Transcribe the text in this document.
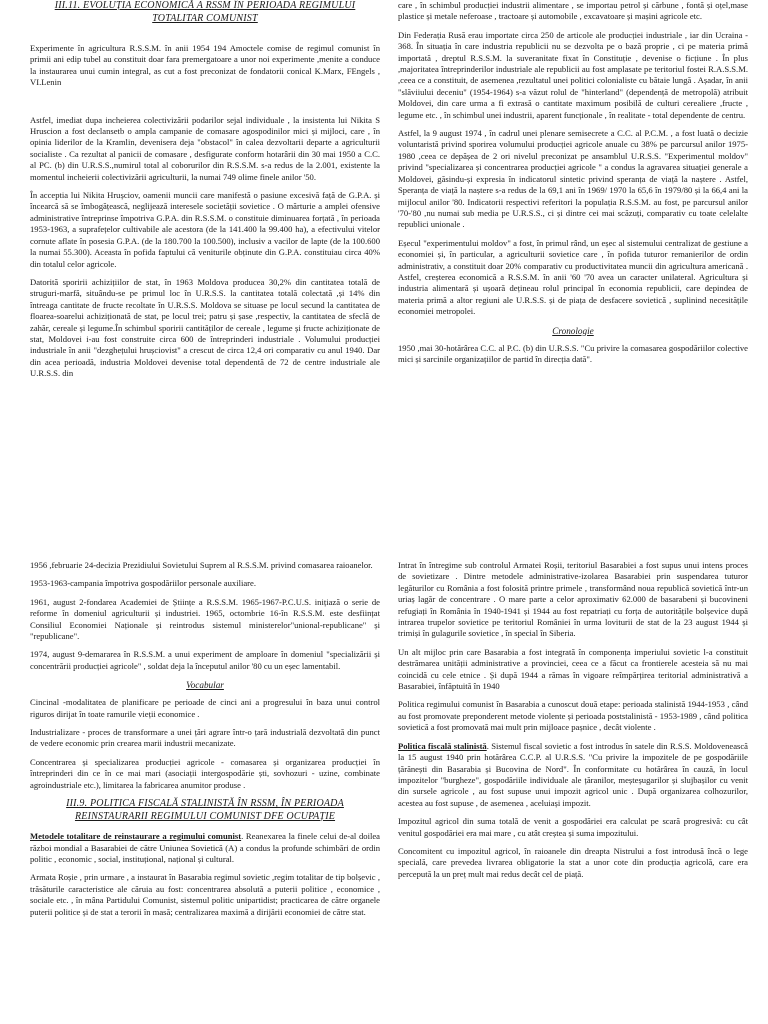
III.11. EVOLUȚIA ECONOMICĂ A RSSM ÎN PERIOADA REGIMULUI TOTALITAR COMUNIST

Experimente în agricultura R.S.S.M. în anii 1954 194 Amoctele comise de regimul comunist în primii ani edip tubel au constituit doar fara premergatoare a unor noi experimente ,menite a conduce la instaurarea unui cumin integral, as cut a fost preconizat de fondatorii conical K.Marx, FEngels , VI.Lenin

Astfel, imediat dupa incheierea colectivizării podarilor sejal individuale , la insistenta lui Nikita S Hruscion a fost declansetb o ampla campanie de comasare agospodinilor mici și mijloci, care , în opinia liderilor de la Kramlin, devenisera deja "obstacol" în calea dezvoltarii departe a agriculturii socialiste . Ca rezultat al panicii de comasare , desfigurate conform hotarârii din 30 mai 1950 a C.C. al PC. (b) din U.R.S.S.,numirul total al coborurilor din R.S.S.M. s-a redus de la 2.001, existente la momentul incheierii colectivizării agriculturii, la numai 749 olime finele anilor '50.

În acceptia lui Nikita Hrușciov, oamenii muncii care manifestă o pasiune excesivă față de G.P.A. și încearcă să se îmbogățească, neglijează interesele societății sovietice . O mărturie a amplei ofensive administrative întreprinse împotriva G.P.A. din R.S.S.M. o constituie diminuarea forțată , în perioada 1953-1963, a suprafețelor cultivabile ale acestora (de la 141.400 la 99.400 ha), a efectivului vitelor cornute aflate în posesia G.P.A. (de la 180.700 la 100.500), inclusiv a vacilor de lapte (de la 100.600 la numai 55.300). Aceasta în pofida faptului că veniturile obținute din G.P.A. constituiau circa 40% din totalul celor agricole.

Datorită sporirii achizițiilor de stat, în 1963 Moldova producea 30,2% din cantitatea totală de struguri-marfă, situându-se pe primul loc în U.R.S.S. la cantitatea totală colectată ,și 14% din întreaga cantitate de fructe recoltate în U.R.S.S. Moldova se situase pe locul secund la cantitatea de floarea-soarelui achiziționată de stat, pe locul trei; patru și șase ,respectiv, la cantitatea de sfeclă de zahăr, cereale și legume.În schimbul sporirii cantităților de cereale , legume și fructe achiziționate de stat, Moldovei i-au fost construite circa 600 de întreprinderi industriale . Volumului producției industriale în anii "dezghețului hrușciovist" a crescut de circa 12,4 ori comparativ cu anul 1940. Dar din acea perioadă, industria Moldovei devenise total dependentă de 72 de centre industriale ale U.R.S.S. din

care , în schimbul producției industrii alimentare , se importau petrol și cărbune , fontă și oțel,mase plastice și metale neferoase , tractoare și automobile , excavatoare și mașini agricole etc.

Din Federația Rusă erau importate circa 250 de articole ale producției industriale , iar din Ucraina - 368. În situația în care industria republicii nu se dezvolta pe o bază proprie , ci pe materia primă importată , dreptul R.S.S.M. la suveranitate fixat în Constituție , devenise o ficțiune . În plus ,majoritatea întreprinderilor industriale ale republicii au fost amplasate pe teritoriul fostei R.A.S.S.M. ,ceea ce a constituit, de asemenea ,rezultatul unei politici colonialiste cu bătaie lungă . Așadar, în anii "slăviiului deceniu" (1954-1964) s-a văzut rolul de "hinterland" (dependență de metropolă) atribuit Moldovei, din care urma a fi extrasă o cantitate maximum posibilă de culturi cerealiere ,fructe , legume etc. , în schimbul unei industrii, aparent funcționale , în realitate - total dependente de centru.

Astfel, la 9 august 1974 , în cadrul unei plenare semisecrete a C.C. al P.C.M. , a fost luată o decizie voluntaristă privind sporirea volumului producției agricole anuale cu 38% pe parcursul anilor 1975-1980 ,ceea ce depășea de 2 ori nivelul preconizat pe ansamblul U.R.S.S. "Experimentul moldov" privind "specializarea și concentrarea producției agricole " a condus la agravarea situației generale a Moldovei, găsindu-și expresia în indicatorul sintetic privind speranța de viață la naștere . Astfel, Speranța de viață la naștere s-a redus de la 69,1 ani în 1969/ 1970 la 65,6 în 1979/80 și la 66,4 ani la mijlocul anilor '80. Indicatorii respectivi referitori la populația R.S.S.M. au fost, pe parcursul anilor '70-'80 ,nu numai sub media pe U.R.S.S., ci și dintre cei mai scăzuți, comparativ cu toate celelalte republici unionale .

Eșecul "experimentului moldov" a fost, în primul rând, un eșec al sistemului centralizat de gestiune a economiei și, în particular, a agriculturii sovietice care , în pofida tuturor remanierilor de ordin administrativ, a constituit doar 20% comparativ cu productivitatea muncii din agricultura americană . Astfel, creșterea economică a R.S.S.M. în anii '60 '70 avea un caracter unilateral. Agricultura și industria alimentară și ușoară dețineau rolul principal în economia republicii, care depindea de materia primă a altor regiuni ale U.R.S.S. și de piața de desfacere sovietică , suplinind necesitățile economiei metropolei.

Cronologie

1950 ,mai 30-hotărârea C.C. al P.C. (b) din U.R.S.S. "Cu privire la comasarea gospodăriilor colective mici și sarcinile organizațiilor de partid în direcția dată".

1956 ,februarie 24-decizia Prezidiului Sovietului Suprem al R.S.S.M. privind comasarea raioanelor.

1953-1963-campania împotriva gospodăriilor personale auxiliare.

1961, august 2-fondarea Academiei de Științe a R.S.S.M. 1965-1967-P.C.U.S. inițiază o serie de reforme în domeniul agriculturii și industriei. 1965, octombrie 16-în R.S.S.M. este desființat Consiliul Economiei Naționale și reintrodus sistemul ministerelor"unional-republicane" și "republicane".

1974, august 9-demararea în R.S.S.M. a unui experiment de amploare în domeniul "specializării și concentrării producției agricole" , soldat deja la începutul anilor '80 cu un eșec lamentabil.

Vocabular

Cincinal -modalitatea de planificare pe perioade de cinci ani a progresului în baza unui control riguros dirijat în toate ramurile vieții economice .

Industrializare - proces de transformare a unei țări agrare într-o țară industrială dezvoltată din punct de vedere economic prin crearea marii industrii mecanizate.

Concentrarea și specializarea producției agricole - comasarea și organizarea producției în întreprinderi din ce în ce mai mari (asociații intergospodărie ști, sovhozuri - uzine, combinate agroindustriale etc.), limitarea la fabricarea anumitor produse .

III.9. POLITICA FISCALĂ STALINISTĂ ÎN RSSM, ÎN PERIOADA REINSTAURARII REGIMULUI COMUNIST DFE OCUPAȚIE

Metodele totalitare de reinstaurare a regimului comunist. Reanexarea la finele celui de-al doilea război mondial a Basarabiei de către Uniunea Sovietică (A) a condus la profunde schimbări de ordin politic , economic , social, instituțional, național și cultural.

Armata Roșie , prin urmare , a instaurat în Basarabia regimul sovietic ,regim totalitar de tip bolșevic , trăsăturile caracteristice ale căruia au fost: concentrarea absolută a puterii politice , economice , sociale etc. , în mâna Partidului Comunist, sistemul politic unipartidist; practicarea de către organele puterii politice și de stat a terorii în masă; centralizarea maximă a dirijării economiei de către stat.

Intrat în întregime sub controlul Armatei Roșii, teritoriul Basarabiei a fost supus unui intens proces de sovietizare . Dintre metodele administrative-izolarea Basarabiei prin suspendarea tuturor legăturilor cu România a fost folosită printre primele , transformând noua republică sovietică într-un uriaș lagăr de concentrare . O mare parte a celor aproximativ 62.000 de basarabeni și bucovineni refugiați în România în 1940-1941 și 1944 au fost repatriați cu forța de autoritățile bolșevice după intrarea trupelor sovietice pe teritoriul României în urma loviturii de stat de la 23 august 1944 și trimiși în gulagurile sovietice , în special în Siberia.

Un alt mijloc prin care Basarabia a fost integrată în componența imperiului sovietic l-a constituit destrămarea unității administrative a provinciei, ceea ce a făcut ca frontierele acesteia să nu mai coincidă cu cele etnice . Și după 1944 a rămas în vigoare reîmpărțirea teritorial administrativă a Basarabiei, înfăptuită în 1940

Politica regimului comunist în Basarabia a cunoscut două etape: perioada stalinistă 1944-1953 , când au fost promovate preponderent metode violente și perioada poststalinistă - 1953-1989 , când politica sovietică a fost promovată mai mult prin mijloace pașnice , decât violente .

Politica fiscală stalinistă. Sistemul fiscal sovietic a fost introdus în satele din R.S.S. Moldovenească la 15 august 1940 prin hotărârea C.C.P. al U.R.S.S. "Cu privire la impozitele de pe gospodăriile țărănești din Basarabia și Bucovina de Nord". În conformitate cu hotărârea în cauză, în locul impozitelor "burgheze", gospodăriile individuale ale țăranilor, meșteșugarilor și slujbașilor cu venit din sursele agricole , au fost supuse unui impozit agricol unic . După organizarea colhozurilor, acestea au fost supuse , de asemenea , aceluiași impozit.

Impozitul agricol din suma totală de venit a gospodăriei era calculat pe scară progresivă: cu cât venitul gospodăriei era mai mare , cu atât creștea și suma impozitului.

Concomitent cu impozitul agricol, în raioanele din dreapta Nistrului a fost introdusă încă o lege specială, care prevedea livrarea obligatorie la stat a unor cote din producția agricolă, care era percepută la un preț mult mai redus decât cel de piață.
